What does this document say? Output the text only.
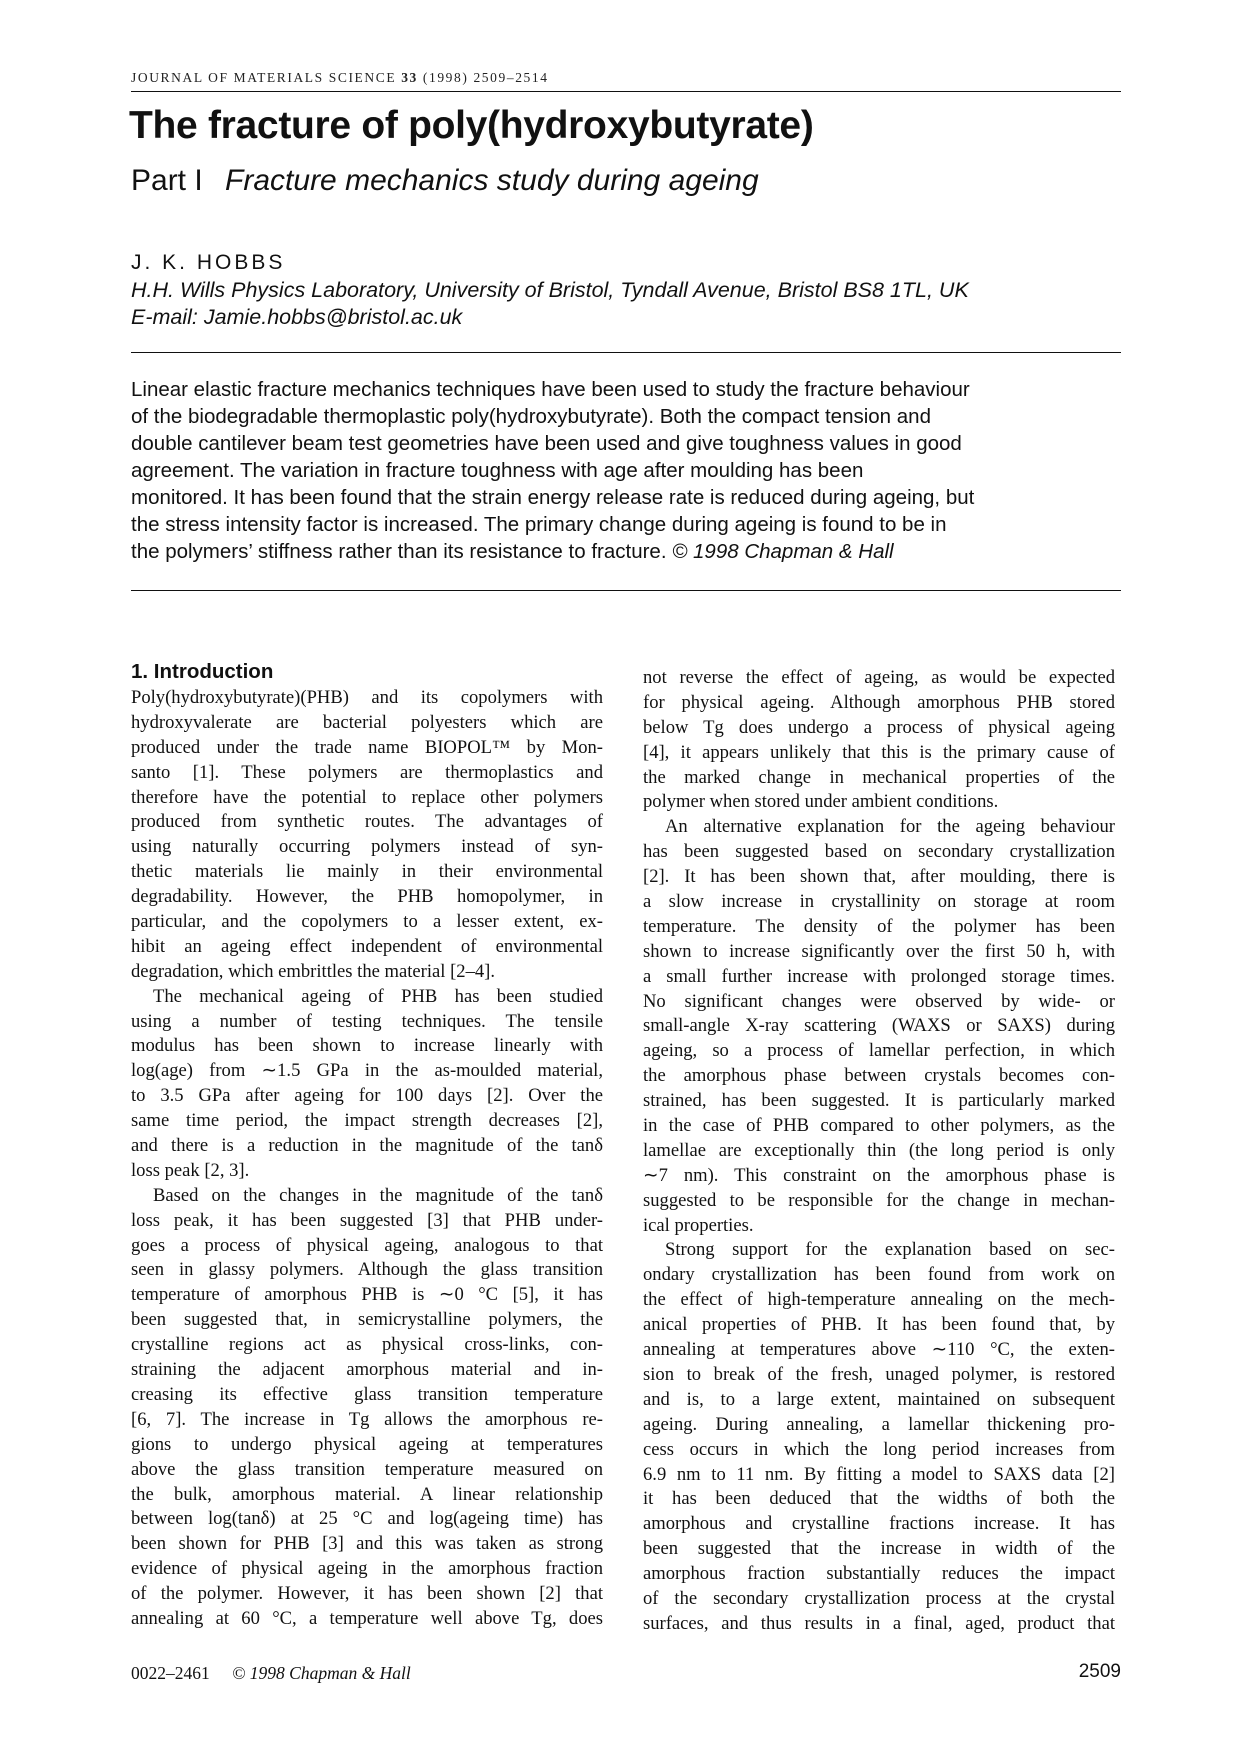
JOURNAL OF MATERIALS SCIENCE 33 (1998) 2509–2514
The fracture of poly(hydroxybutyrate)
Part I Fracture mechanics study during ageing
J. K. HOBBS
H.H. Wills Physics Laboratory, University of Bristol, Tyndall Avenue, Bristol BS8 1TL, UK
E-mail: Jamie.hobbs@bristol.ac.uk
Linear elastic fracture mechanics techniques have been used to study the fracture behaviour
of the biodegradable thermoplastic poly(hydroxybutyrate). Both the compact tension and
double cantilever beam test geometries have been used and give toughness values in good
agreement. The variation in fracture toughness with age after moulding has been
monitored. It has been found that the strain energy release rate is reduced during ageing, but
the stress intensity factor is increased. The primary change during ageing is found to be in
the polymers’ stiffness rather than its resistance to fracture. © 1998 Chapman & Hall
1. Introduction
Poly(hydroxybutyrate)(PHB) and its copolymers with
hydroxyvalerate are bacterial polyesters which are
produced under the trade name BIOPOL™ by Mon-
santo [1]. These polymers are thermoplastics and
therefore have the potential to replace other polymers
produced from synthetic routes. The advantages of
using naturally occurring polymers instead of syn-
thetic materials lie mainly in their environmental
degradability. However, the PHB homopolymer, in
particular, and the copolymers to a lesser extent, ex-
hibit an ageing effect independent of environmental
degradation, which embrittles the material [2–4].
The mechanical ageing of PHB has been studied
using a number of testing techniques. The tensile
modulus has been shown to increase linearly with
log(age) from ∼1.5 GPa in the as-moulded material,
to 3.5 GPa after ageing for 100 days [2]. Over the
same time period, the impact strength decreases [2],
and there is a reduction in the magnitude of the tanδ
loss peak [2, 3].
Based on the changes in the magnitude of the tanδ
loss peak, it has been suggested [3] that PHB under-
goes a process of physical ageing, analogous to that
seen in glassy polymers. Although the glass transition
temperature of amorphous PHB is ∼0 °C [5], it has
been suggested that, in semicrystalline polymers, the
crystalline regions act as physical cross-links, con-
straining the adjacent amorphous material and in-
creasing its effective glass transition temperature
[6, 7]. The increase in Tg allows the amorphous re-
gions to undergo physical ageing at temperatures
above the glass transition temperature measured on
the bulk, amorphous material. A linear relationship
between log(tanδ) at 25 °C and log(ageing time) has
been shown for PHB [3] and this was taken as strong
evidence of physical ageing in the amorphous fraction
of the polymer. However, it has been shown [2] that
annealing at 60 °C, a temperature well above Tg, does
not reverse the effect of ageing, as would be expected
for physical ageing. Although amorphous PHB stored
below Tg does undergo a process of physical ageing
[4], it appears unlikely that this is the primary cause of
the marked change in mechanical properties of the
polymer when stored under ambient conditions.
An alternative explanation for the ageing behaviour
has been suggested based on secondary crystallization
[2]. It has been shown that, after moulding, there is
a slow increase in crystallinity on storage at room
temperature. The density of the polymer has been
shown to increase significantly over the first 50 h, with
a small further increase with prolonged storage times.
No significant changes were observed by wide- or
small-angle X-ray scattering (WAXS or SAXS) during
ageing, so a process of lamellar perfection, in which
the amorphous phase between crystals becomes con-
strained, has been suggested. It is particularly marked
in the case of PHB compared to other polymers, as the
lamellae are exceptionally thin (the long period is only
∼7 nm). This constraint on the amorphous phase is
suggested to be responsible for the change in mechan-
ical properties.
Strong support for the explanation based on sec-
ondary crystallization has been found from work on
the effect of high-temperature annealing on the mech-
anical properties of PHB. It has been found that, by
annealing at temperatures above ∼110 °C, the exten-
sion to break of the fresh, unaged polymer, is restored
and is, to a large extent, maintained on subsequent
ageing. During annealing, a lamellar thickening pro-
cess occurs in which the long period increases from
6.9 nm to 11 nm. By fitting a model to SAXS data [2]
it has been deduced that the widths of both the
amorphous and crystalline fractions increase. It has
been suggested that the increase in width of the
amorphous fraction substantially reduces the impact
of the secondary crystallization process at the crystal
surfaces, and thus results in a final, aged, product that
0022–2461 © 1998 Chapman & Hall	2509
